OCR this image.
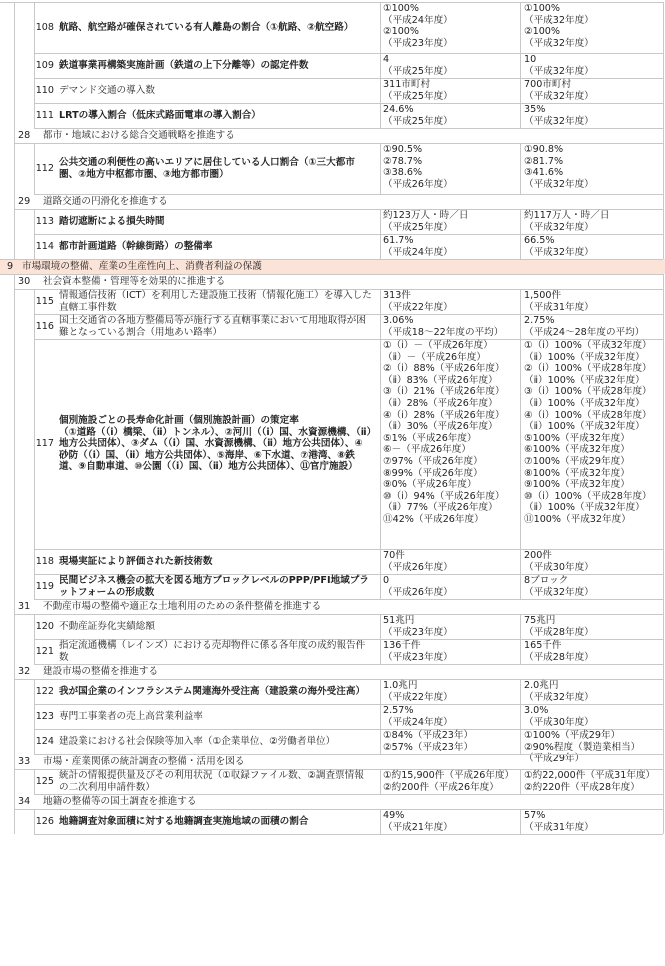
航路、航空路が確保されている有人離島の割合（①航路、②航空路）
108
①100%
（平成24年度）
②100%
（平成23年度）
①100%
（平成32年度）
②100%
（平成32年度）
鉄道事業再構築実施計画（鉄道の上下分離等）の認定件数
109
4
（平成25年度）
10
（平成32年度）
デマンド交通の導入数
110
311市町村
（平成25年度）
700市町村
（平成32年度）
LRTの導入割合（低床式路面電車の導入割合）
111
24.6%
（平成25年度）
35%
（平成32年度）
28 都市・地域における総合交通戦略を推進する
公共交通の利便性の高いエリアに居住している人口割合（①三大都市圏、②地方中枢都市圏、③地方都市圏）
112
①90.5%
②78.7%
③38.6%
（平成26年度）
①90.8%
②81.7%
③41.6%
（平成32年度）
29 道路交通の円滑化を推進する
踏切遮断による損失時間
113
約123万人・時／日
（平成25年度）
約117万人・時／日
（平成32年度）
都市計画道路（幹線街路）の整備率
114
61.7%
（平成24年度）
66.5%
（平成32年度）
9 市場環境の整備、産業の生産性向上、消費者利益の保護
30 社会資本整備・管理等を効果的に推進する
情報通信技術（ICT）を利用した建設施工技術（情報化施工）を導入した直轄工事件数
115
313件
（平成22年度）
1,500件
（平成31年度）
国土交通省の各地方整備局等が施行する直轄事業において用地取得が困難となっている割合（用地あい路率）
116
3.06%
（平成18～22年度の平均）
2.75%
（平成24～28年度の平均）
個別施設ごとの長寿命化計画（個別施設計画）の策定率
（①道路（（ⅰ）橋梁、（ⅱ）トンネル）、②河川（（ⅰ）国、水資源機構、（ⅱ）地方公共団体）、③ダム（（ⅰ）国、水資源機構、（ⅱ）地方公共団体）、④砂防（（ⅰ）国、（ⅱ）地方公共団体）、⑤海岸、⑥下水道、⑦港湾、⑧鉄道、⑨自動車道、⑩公園（（ⅰ）国、（ⅱ）地方公共団体）、⑪官庁施設）
117
①（ⅰ）－（平成26年度）
（ⅱ）－（平成26年度）
②（ⅰ）88%（平成26年度）
（ⅱ）83%（平成26年度）
③（ⅰ）21%（平成26年度）
（ⅱ）28%（平成26年度）
④（ⅰ）28%（平成26年度）
（ⅱ）30%（平成26年度）
⑤1%（平成26年度）
⑥－（平成26年度）
⑦97%（平成26年度）
⑧99%（平成26年度）
⑨0%（平成26年度）
⑩（ⅰ）94%（平成26年度）
（ⅱ）77%（平成26年度）
⑪42%（平成26年度）
①（ⅰ）100%（平成32年度）
（ⅱ）100%（平成32年度）
②（ⅰ）100%（平成28年度）
（ⅱ）100%（平成32年度）
③（ⅰ）100%（平成28年度）
（ⅱ）100%（平成32年度）
④（ⅰ）100%（平成28年度）
（ⅱ）100%（平成32年度）
⑤100%（平成32年度）
⑥100%（平成32年度）
⑦100%（平成29年度）
⑧100%（平成32年度）
⑨100%（平成32年度）
⑩（ⅰ）100%（平成28年度）
（ⅱ）100%（平成32年度）
⑪100%（平成32年度）
現場実証により評価された新技術数
118
70件
（平成26年度）
200件
（平成30年度）
民間ビジネス機会の拡大を図る地方ブロックレベルのPPP/PFI地域プラットフォームの形成数
119
0
（平成26年度）
8ブロック
（平成32年度）
31 不動産市場の整備や適正な土地利用のための条件整備を推進する
不動産証券化実績総額
120
51兆円
（平成23年度）
75兆円
（平成28年度）
指定流通機構（レインズ）における売却物件に係る各年度の成約報告件数
121
136千件
（平成23年度）
165千件
（平成28年度）
32 建設市場の整備を推進する
我が国企業のインフラシステム関連海外受注高（建設業の海外受注高）
122
1.0兆円
（平成22年度）
2.0兆円
（平成32年度）
専門工事業者の売上高営業利益率
123
2.57%
（平成24年度）
3.0%
（平成30年度）
建設業における社会保険等加入率（①企業単位、②労働者単位）
124
①84%（平成23年）
②57%（平成23年）
①100%（平成29年）
②90%程度（製造業相当）
（平成29年）
33 市場・産業関係の統計調査の整備・活用を図る
統計の情報提供量及びその利用状況（①収録ファイル数、②調査票情報の二次利用申請件数）
125
①約15,900件（平成26年度）
②約200件（平成26年度）
①約22,000件（平成31年度）
②約220件（平成28年度）
34 地籍の整備等の国土調査を推進する
地籍調査対象面積に対する地籍調査実施地域の面積の割合
126
49%
（平成21年度）
57%
（平成31年度）
